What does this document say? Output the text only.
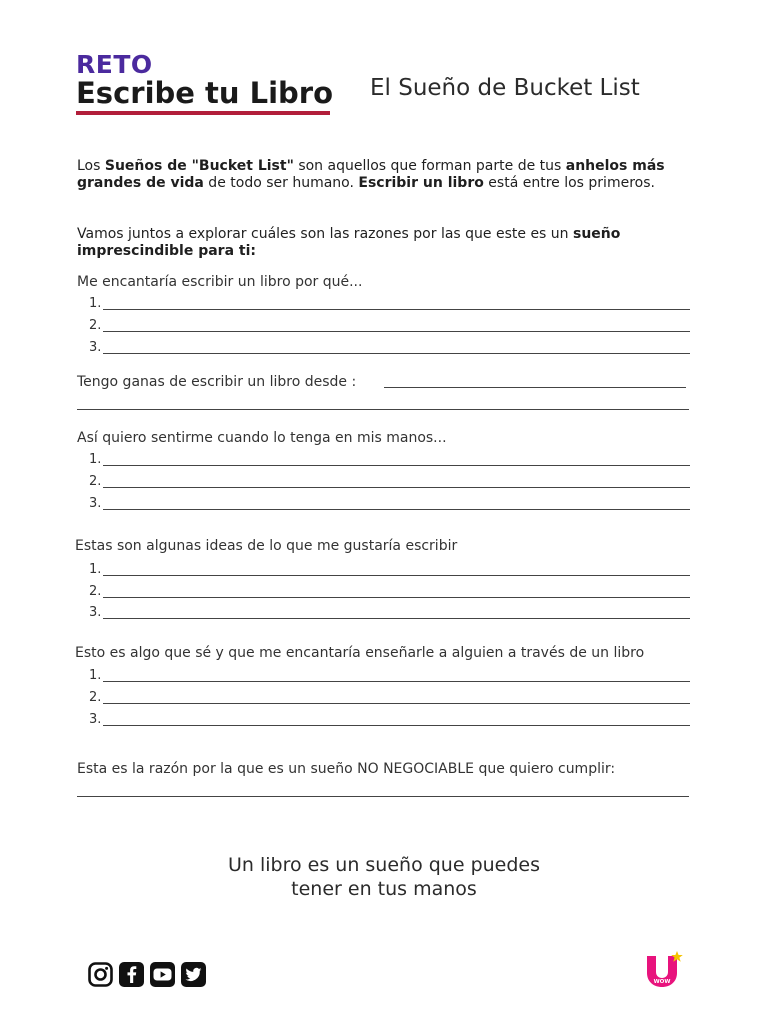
RETO
Escribe tu Libro El Sueño de Bucket List
Los Sueños de "Bucket List" son aquellos que forman parte de tus anhelos más grandes de vida de todo ser humano. Escribir un libro está entre los primeros.
Vamos juntos a explorar cuáles son las razones por las que este es un sueño imprescindible para ti:
Me encantaría escribir un libro por qué...
1.
2.
3.
Tengo ganas de escribir un libro desde :
Así quiero sentirme cuando lo tenga en mis manos...
1.
2.
3.
Estas son algunas ideas de lo que me gustaría escribir
1.
2.
3.
Esto es algo que sé y que me encantaría enseñarle a alguien a través de un libro
1.
2.
3.
Esta es la razón por la que es un sueño NO NEGOCIABLE que quiero cumplir:
Un libro es un sueño que puedes
tener en tus manos
WOW
